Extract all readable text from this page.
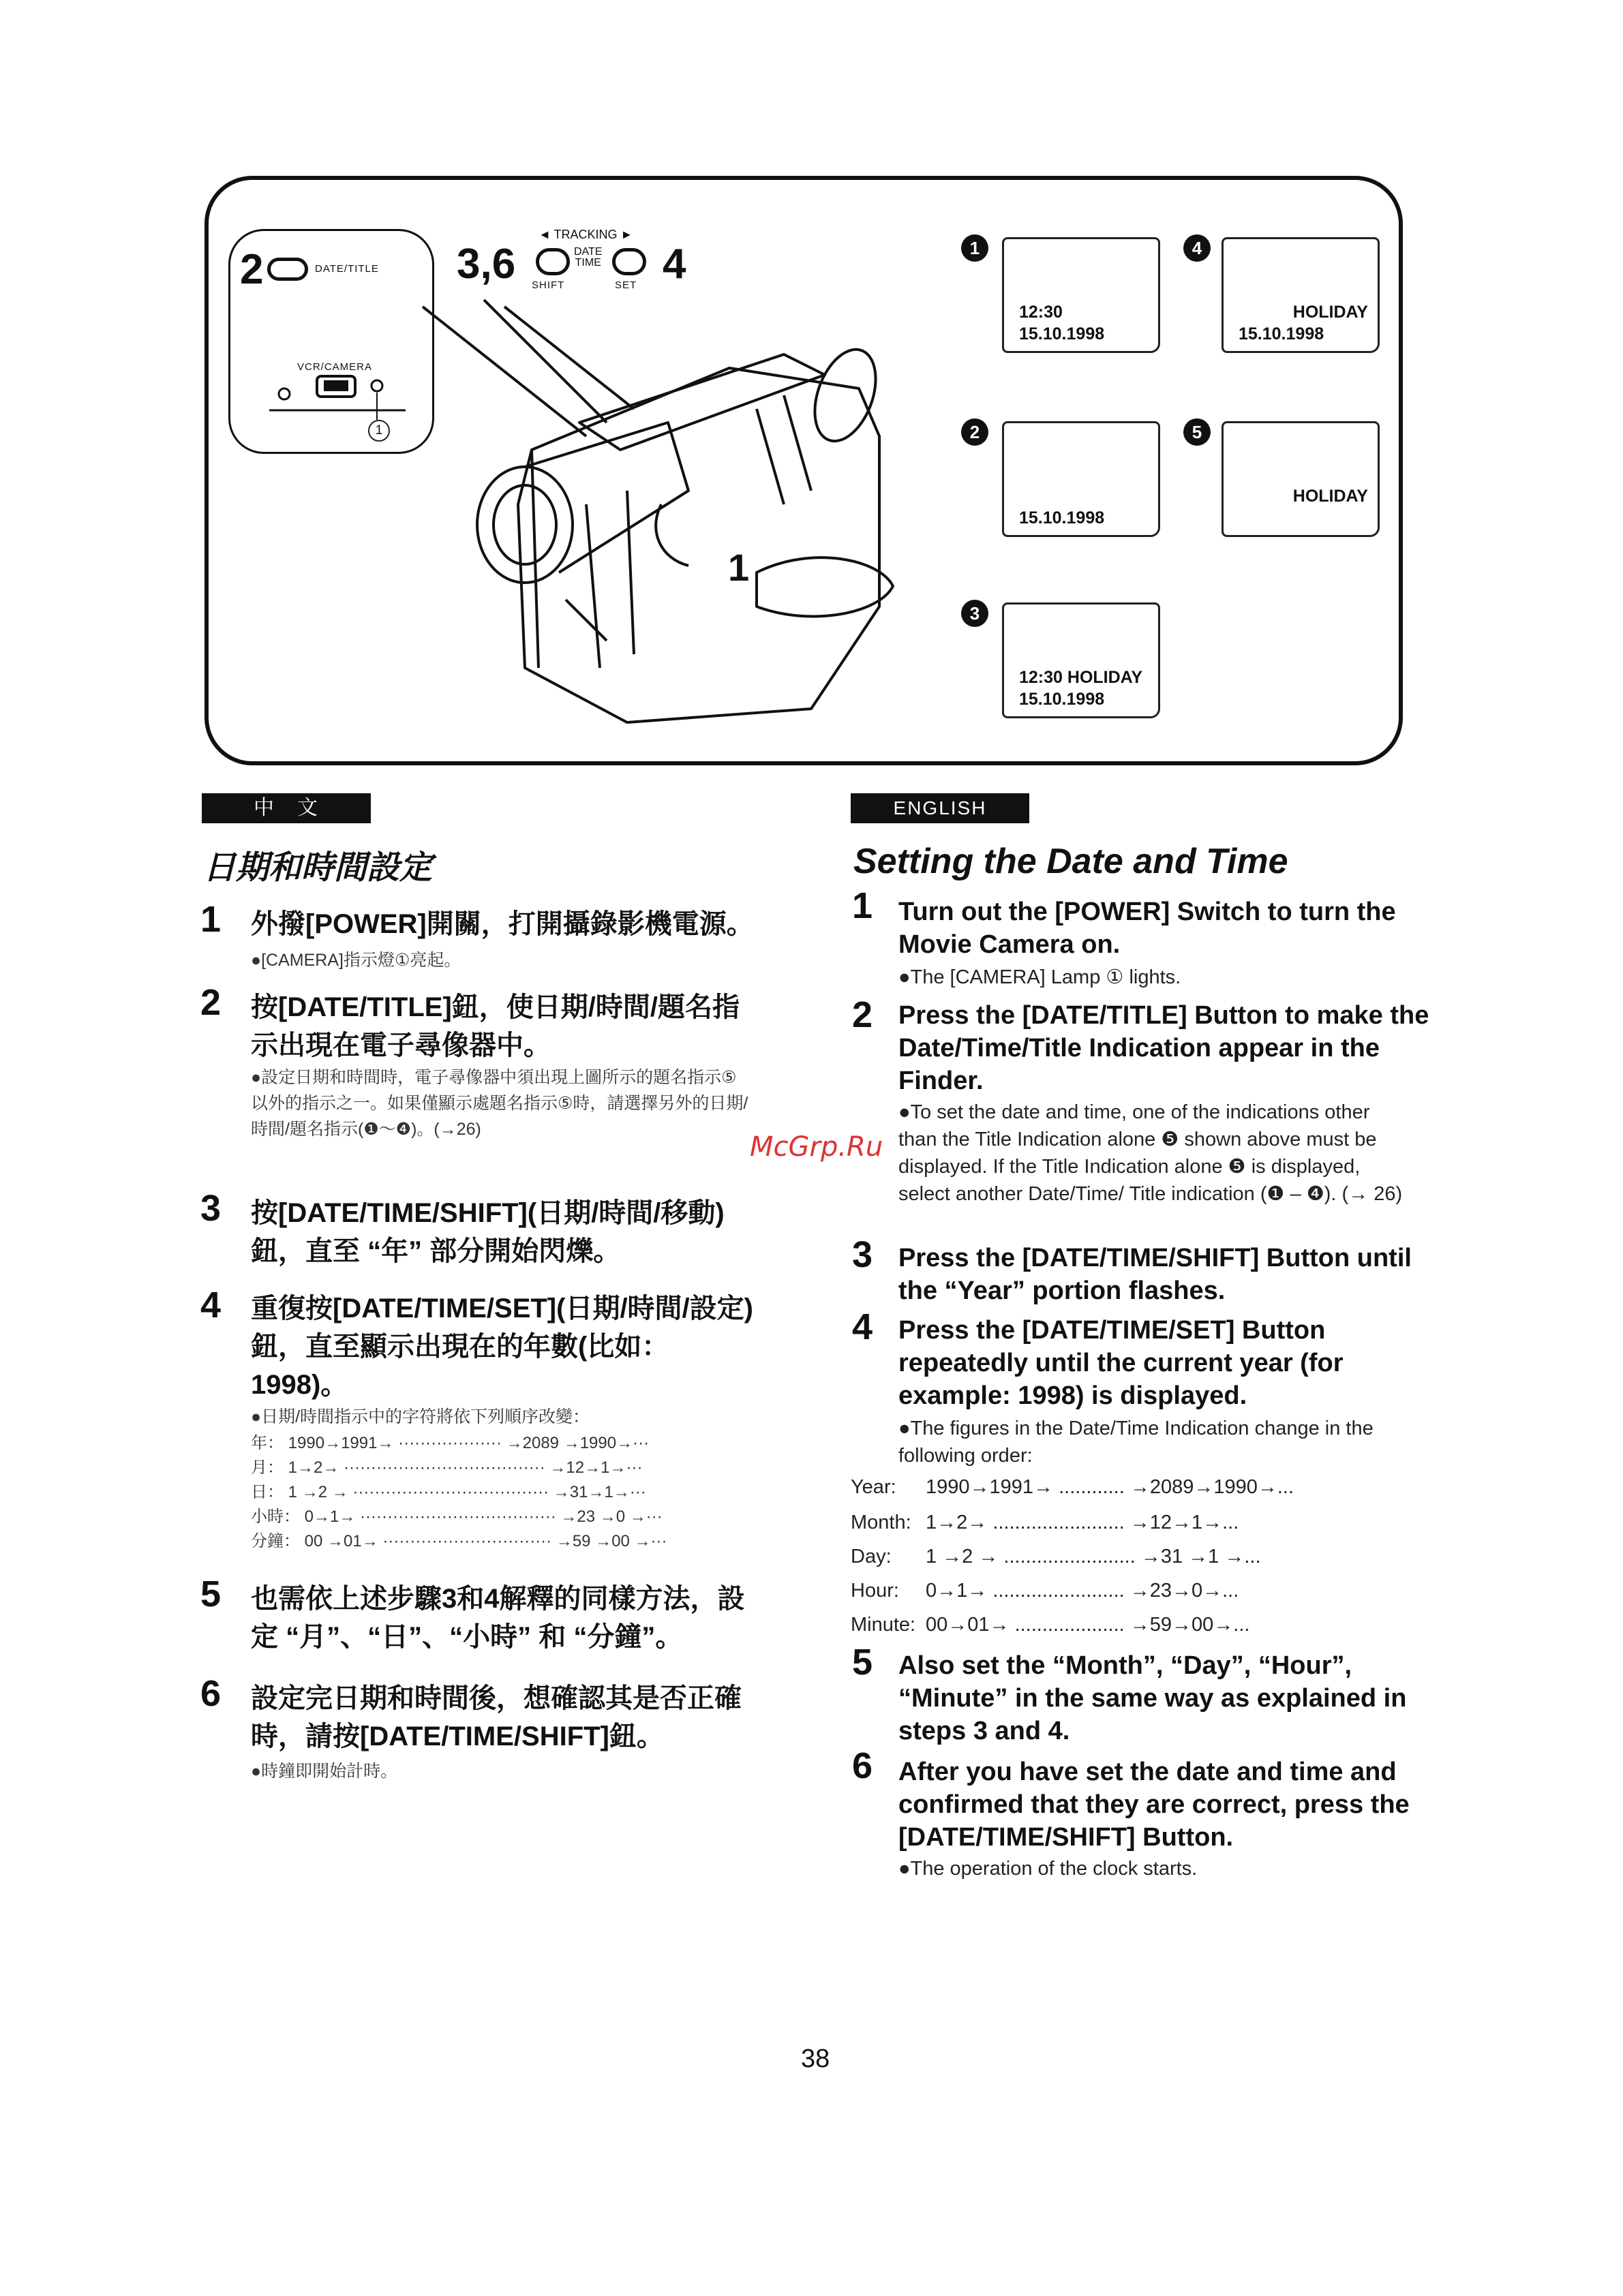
2	DATE/TITLE
VCR/CAMERA
1
◄ TRACKING ►
3,6	DATE
TIME 4
SHIFT	SET
1
1
12:30
15.10.1998
2
15.10.1998
3
12:30 HOLIDAY
15.10.1998
4
HOLIDAY
15.10.1998
5
HOLIDAY
中　文
日期和時間設定
1 外撥[POWER]開關，打開攝錄影機電源。
●[CAMERA]指示燈①亮起。
2 按[DATE/TITLE]鈕，使日期/時間/題名指示出現在電子尋像器中。
●設定日期和時間時，電子尋像器中須出現上圖所示的題名指示⑤以外的指示之一。如果僅顯示處題名指示⑤時，請選擇另外的日期/時間/題名指示(❶～❹)。(→26)
3 按[DATE/TIME/SHIFT](日期/時間/移動)鈕，直至 “年” 部分開始閃爍。
4 重復按[DATE/TIME/SET](日期/時間/設定)鈕，直至顯示出現在的年數(比如：1998)。
●日期/時間指示中的字符將依下列順序改變：
年： 1990→1991→ ··················· →2089 →1990→···
月： 1→2→ ····································· →12→1→···
日： 1 →2 → ···································· →31→1→···
小時： 0→1→ ···································· →23 →0 →···
分鐘： 00 →01→ ······························· →59 →00 →···
5 也需依上述步驟3和4解釋的同樣方法，設定 “月”、“日”、“小時” 和 “分鐘”。
6 設定完日期和時間後，想確認其是否正確時，請按[DATE/TIME/SHIFT]鈕。
●時鐘即開始計時。
McGrp.Ru
ENGLISH
Setting the Date and Time
1 Turn out the [POWER] Switch to turn the Movie Camera on.
●The [CAMERA] Lamp ① lights.
2 Press the [DATE/TITLE] Button to make the Date/Time/Title Indication appear in the Finder.
●To set the date and time, one of the indications other than the Title Indication alone ❺ shown above must be displayed. If the Title Indication alone ❺ is displayed, select another Date/Time/ Title indication (❶ – ❹). (→ 26)
3 Press the [DATE/TIME/SHIFT] Button until the “Year” portion flashes.
4 Press the [DATE/TIME/SET] Button repeatedly until the current year (for example: 1998) is displayed.
●The figures in the Date/Time Indication change in the following order:
Year: 1990→1991→ ............ →2089→1990→...
Month: 1→2→ ........................ →12→1→...
Day: 1 →2 → ........................ →31 →1 →...
Hour: 0→1→ ........................ →23→0→...
Minute: 00→01→ .................... →59→00→...
5 Also set the “Month”, “Day”, “Hour”, “Minute” in the same way as explained in steps 3 and 4.
6 After you have set the date and time and confirmed that they are correct, press the [DATE/TIME/SHIFT] Button.
●The operation of the clock starts.
38
